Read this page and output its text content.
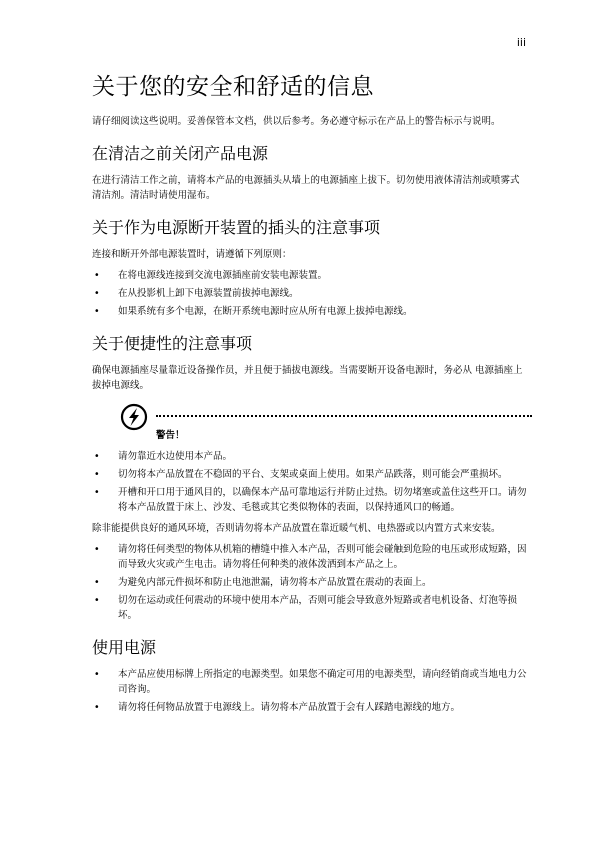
iii
关于您的安全和舒适的信息

请仔细阅读这些说明。妥善保管本文档，供以后参考。务必遵守标示在产品上的警告标示与说明。

在清洁之前关闭产品电源

在进行清洁工作之前，请将本产品的电源插头从墙上的电源插座上拔下。切勿使用液体清洁剂或喷雾式清洁剂。清洁时请使用湿布。

关于作为电源断开装置的插头的注意事项

连接和断开外部电源装置时，请遵循下列原则：

• 在将电源线连接到交流电源插座前安装电源装置。
• 在从投影机上卸下电源装置前拔掉电源线。
• 如果系统有多个电源，在断开系统电源时应从所有电源上拔掉电源线。
关于便捷性的注意事项

确保电源插座尽量靠近设备操作员，并且便于插拔电源线。当需要断开设备电源时，务必从 电源插座上拔掉电源线。

警告！
• 请勿靠近水边使用本产品。
• 切勿将本产品放置在不稳固的平台、支架或桌面上使用。如果产品跌落，则可能会严重损坏。
• 开槽和开口用于通风目的，以确保本产品可靠地运行并防止过热。切勿堵塞或盖住这些开口。请勿将本产品放置于床上、沙发、毛毯或其它类似物体的表面，以保持通风口的畅通。

除非能提供良好的通风环境，否则请勿将本产品放置在靠近暖气机、电热器或以内置方式来安装。

• 请勿将任何类型的物体从机箱的槽缝中推入本产品，否则可能会碰触到危险的电压或形成短路，因而导致火灾或产生电击。请勿将任何种类的液体泼洒到本产品之上。
• 为避免内部元件损坏和防止电池泄漏，请勿将本产品放置在震动的表面上。
• 切勿在运动或任何震动的环境中使用本产品，否则可能会导致意外短路或者电机设备、灯泡等损坏。
使用电源
• 本产品应使用标牌上所指定的电源类型。如果您不确定可用的电源类型，请向经销商或当地电力公司咨询。
• 请勿将任何物品放置于电源线上。请勿将本产品放置于会有人踩踏电源线的地方。
